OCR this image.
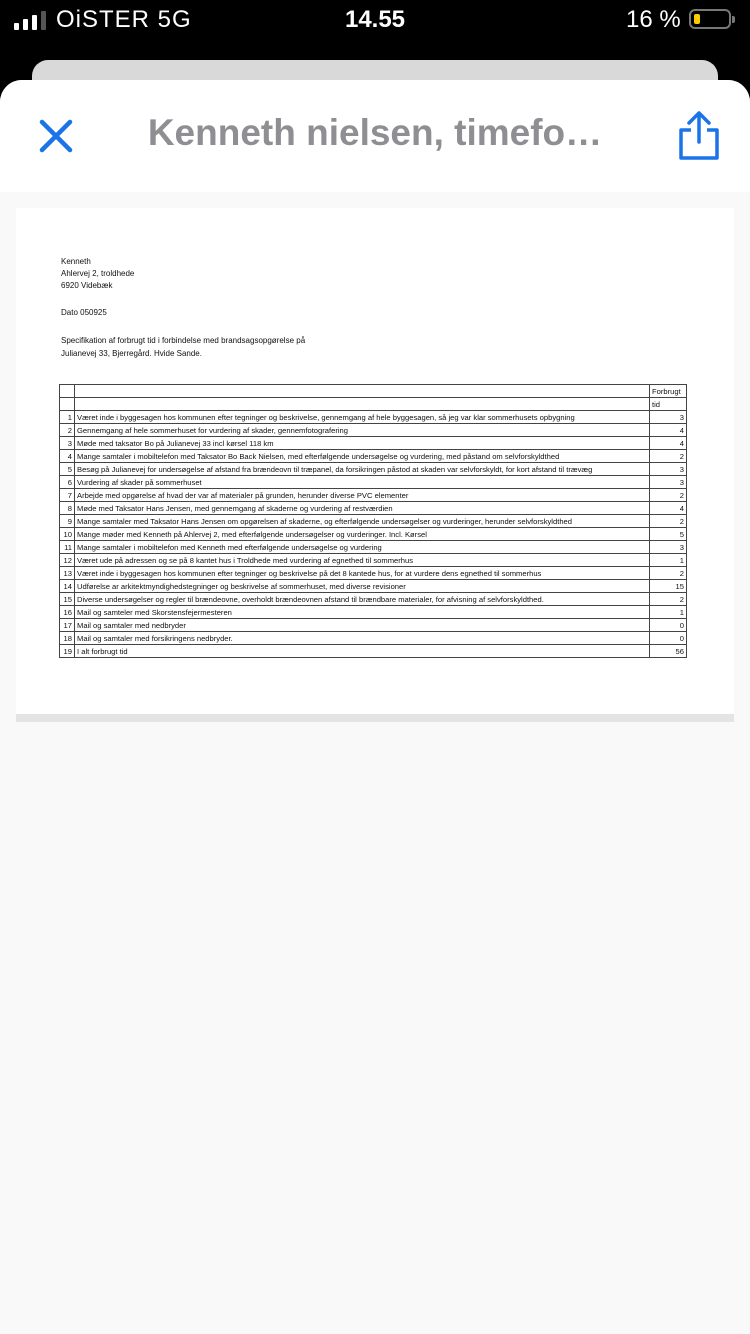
OiSTER 5G	14.55	16 %
Kenneth nielsen, timefo…
Kenneth
Ahlervej 2, troldhede
6920 Videbæk
Dato 050925
Specifikation af forbrugt tid i forbindelse med brandsagsopgørelse på
Julianevej 33, Bjerregård. Hvide Sande.
		Forbrugt
		tid
1	Været inde i byggesagen hos kommunen efter tegninger og beskrivelse, gennemgang af hele byggesagen, så jeg var klar sommerhusets opbygning	3
2	Gennemgang af hele sommerhuset for vurdering af skader, gennemfotografering	4
3	Møde med taksator Bo på Julianevej 33 incl kørsel 118 km	4
4	Mange samtaler i mobiltelefon med Taksator Bo Back Nielsen, med efterfølgende undersøgelse og vurdering, med påstand om selvforskyldthed	2
5	Besøg på Julianevej for undersøgelse af afstand fra brændeovn til træpanel, da forsikringen påstod at skaden var selvforskyldt, for kort afstand til trævæg	3
6	Vurdering af skader på sommerhuset	3
7	Arbejde med opgørelse af hvad der var af materialer på grunden, herunder diverse PVC elementer	2
8	Møde med Taksator Hans Jensen, med gennemgang af skaderne og vurdering af restværdien	4
9	Mange samtaler med Taksator Hans Jensen om opgørelsen af skaderne, og efterfølgende undersøgelser og vurderinger, herunder selvforskyldthed	2
10	Mange møder med Kenneth på Ahlervej 2, med efterfølgende undersøgelser og vurderinger. Incl. Kørsel	5
11	Mange samtaler i mobiltelefon med Kenneth med efterfølgende undersøgelse og vurdering	3
12	Været ude på adressen og se på 8 kantet hus i Troldhede med vurdering af egnethed til sommerhus	1
13	Været inde i byggesagen hos kommunen efter tegninger og beskrivelse på det 8 kantede hus, for at vurdere dens egnethed til sommerhus	2
14	Udførelse ar arkitektmyndighedstegninger og beskrivelse af sommerhuset, med diverse revisioner	15
15	Diverse undersøgelser og regler til brændeovne, overholdt brændeovnen afstand til brændbare materialer, for afvisning af selvforskyldthed.	2
16	Mail og samteler med Skorstensfejermesteren	1
17	Mail og samtaler med nedbryder	0
18	Mail og samtaler med forsikringens nedbryder.	0
19	I alt forbrugt tid	56
